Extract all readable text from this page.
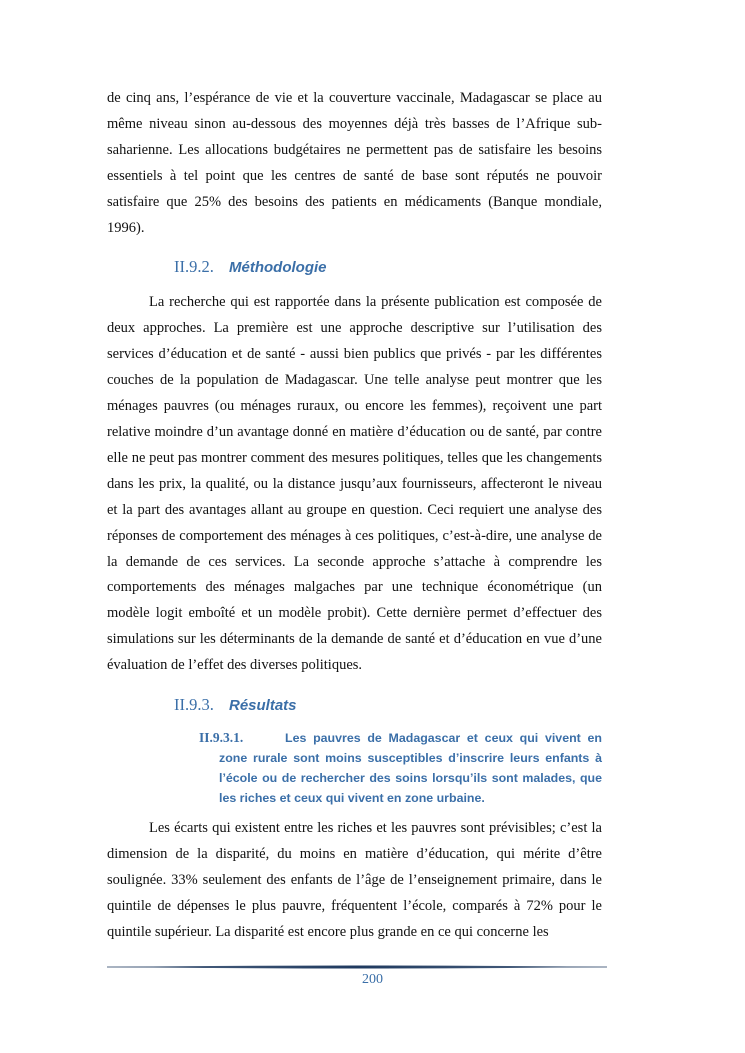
de cinq ans, l’espérance de vie et la couverture vaccinale, Madagascar se place au même niveau sinon au-dessous des moyennes déjà très basses de l’Afrique sub-saharienne. Les allocations budgétaires ne permettent pas de satisfaire les besoins essentiels à tel point que les centres de santé de base sont réputés ne pouvoir satisfaire que 25% des besoins des patients en médicaments (Banque mondiale, 1996).

II.9.2. Méthodologie

La recherche qui est rapportée dans la présente publication est composée de deux approches. La première est une approche descriptive sur l’utilisation des services d’éducation et de santé - aussi bien publics que privés - par les différentes couches de la population de Madagascar. Une telle analyse peut montrer que les ménages pauvres (ou ménages ruraux, ou encore les femmes), reçoivent une part relative moindre d’un avantage donné en matière d’éducation ou de santé, par contre elle ne peut pas montrer comment des mesures politiques, telles que les changements dans les prix, la qualité, ou la distance jusqu’aux fournisseurs, affecteront le niveau et la part des avantages allant au groupe en question. Ceci requiert une analyse des réponses de comportement des ménages à ces politiques, c’est-à-dire, une analyse de la demande de ces services. La seconde approche s’attache à comprendre les comportements des ménages malgaches par une technique économétrique (un modèle logit emboîté et un modèle probit). Cette dernière permet d’effectuer des simulations sur les déterminants de la demande de santé et d’éducation en vue d’une évaluation de l’effet des diverses politiques.

II.9.3. Résultats
II.9.3.1.	Les pauvres de Madagascar et ceux qui vivent en zone rurale sont moins susceptibles d’inscrire leurs enfants à l’école ou de rechercher des soins lorsqu’ils sont malades, que les riches et ceux qui vivent en zone urbaine.

Les écarts qui existent entre les riches et les pauvres sont prévisibles; c’est la dimension de la disparité, du moins en matière d’éducation, qui mérite d’être soulignée. 33% seulement des enfants de l’âge de l’enseignement primaire, dans le quintile de dépenses le plus pauvre, fréquentent l’école, comparés à 72% pour le quintile supérieur. La disparité est encore plus grande en ce qui concerne les

200
